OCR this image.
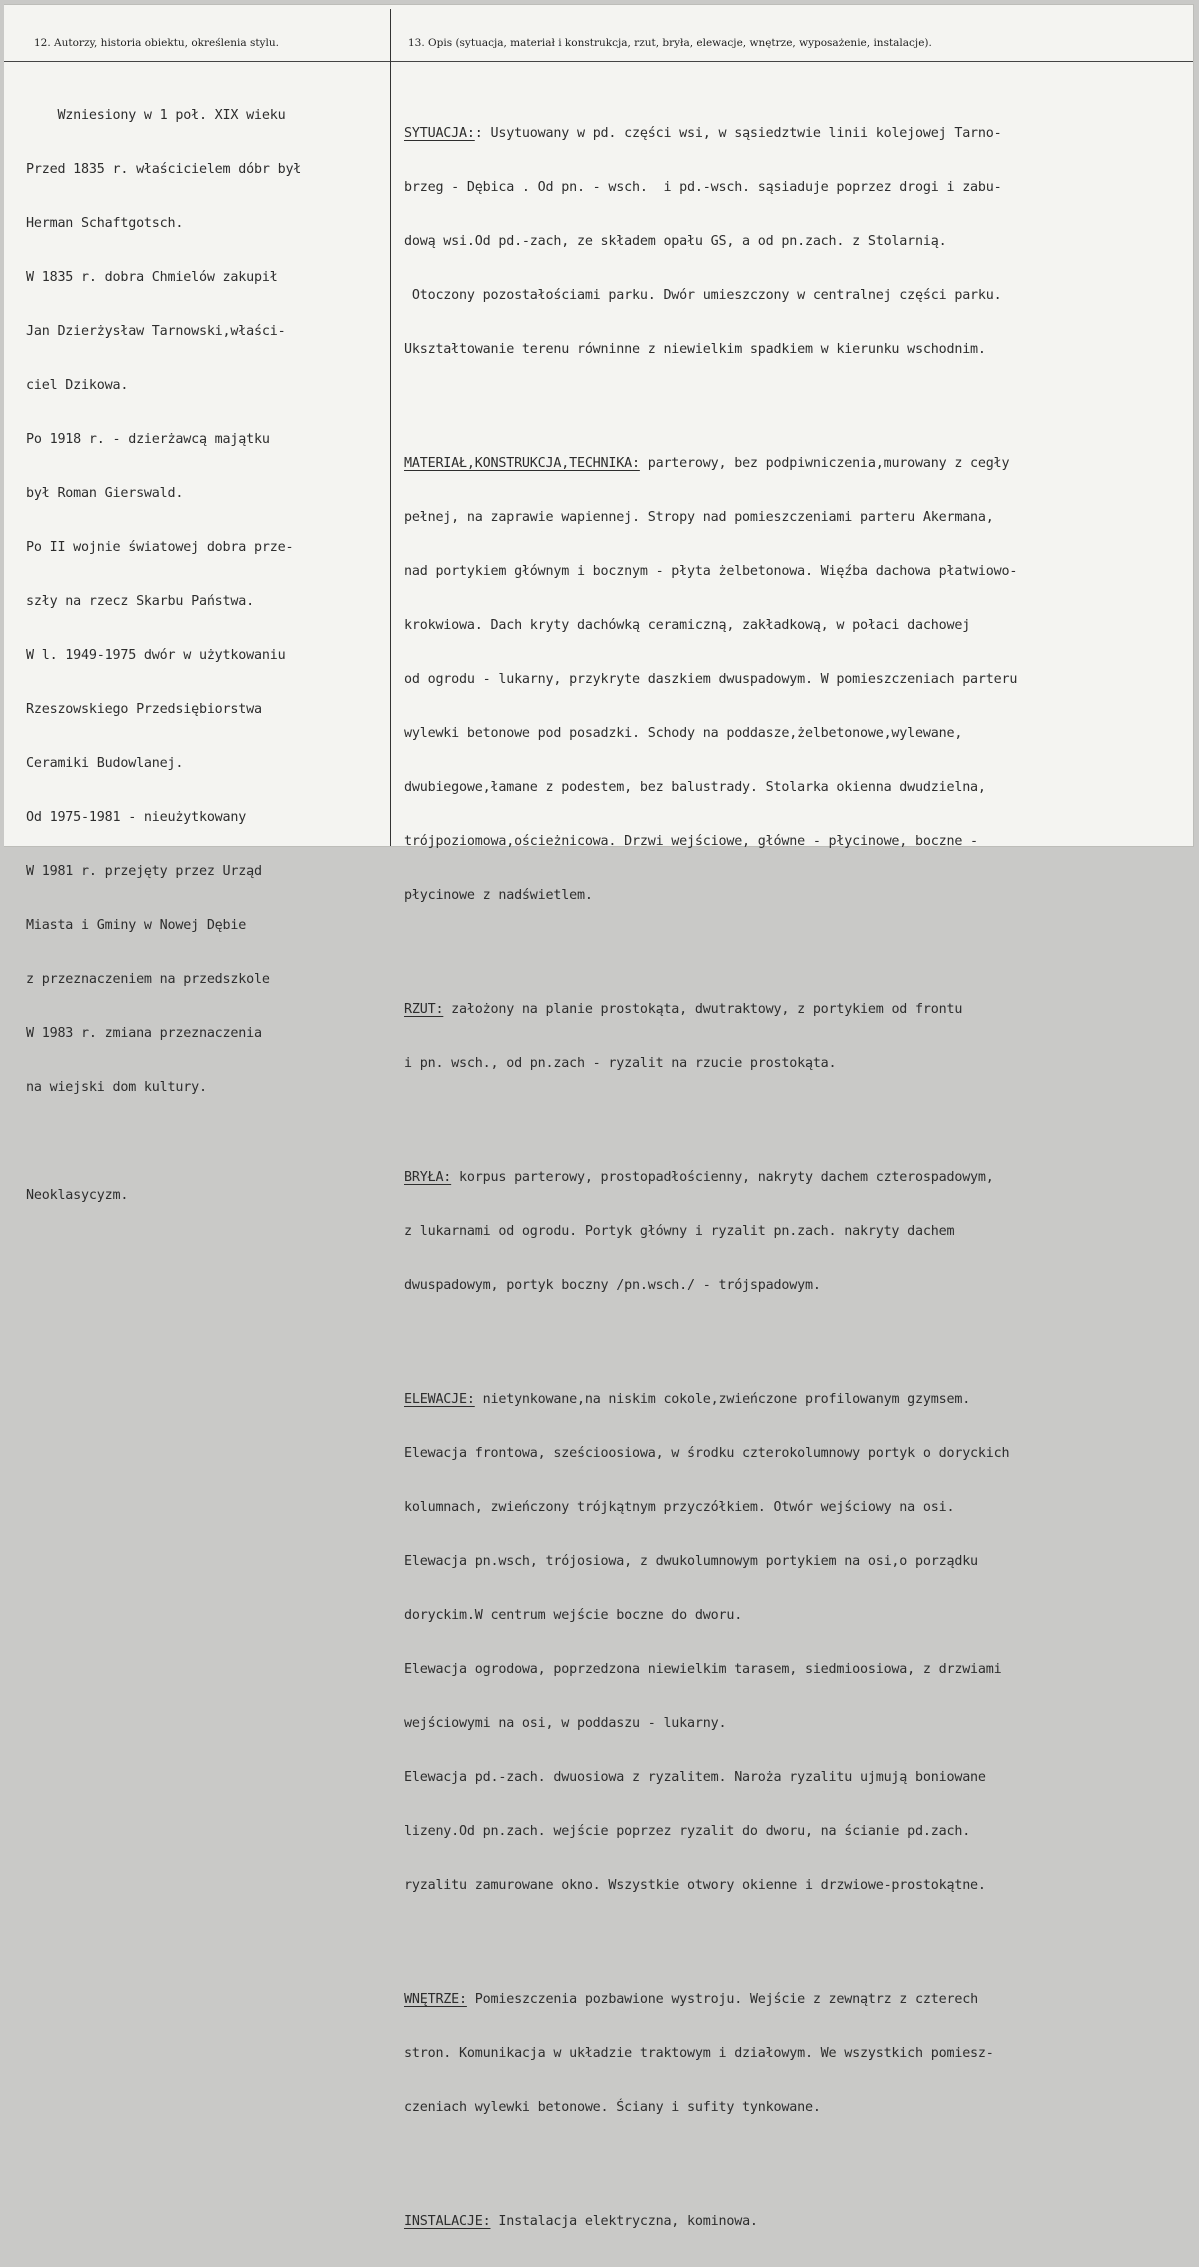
12. Autorzy, historia obiektu, określenia stylu.	13. Opis (sytuacja, materiał i konstrukcja, rzut, bryła, elewacje, wnętrze, wyposażenie, instalacje).

Wzniesiony w 1 poł. XIX wieku

Przed 1835 r. właścicielem dóbr był

Herman Schaftgotsch.

W 1835 r. dobra Chmielów zakupił

Jan Dzierżysław Tarnowski,właści-

ciel Dzikowa.

Po 1918 r. - dzierżawcą majątku

był Roman Gierswald.

Po II wojnie światowej dobra prze-

szły na rzecz Skarbu Państwa.

W l. 1949-1975 dwór w użytkowaniu

Rzeszowskiego Przedsiębiorstwa

Ceramiki Budowlanej.

Od 1975-1981 - nieużytkowany

W 1981 r. przejęty przez Urząd

Miasta i Gminy w Nowej Dębie

z przeznaczeniem na przedszkole

W 1983 r. zmiana przeznaczenia

na wiejski dom kultury.

Neoklasycyzm.

SYTUACJA:: Usytuowany w pd. części wsi, w sąsiedztwie linii kolejowej Tarno-

brzeg - Dębica . Od pn. - wsch.  i pd.-wsch. sąsiaduje poprzez drogi i zabu-

dową wsi.Od pd.-zach, ze składem opału GS, a od pn.zach. z Stolarnią.

Otoczony pozostałościami parku. Dwór umieszczony w centralnej części parku.

Ukształtowanie terenu równinne z niewielkim spadkiem w kierunku wschodnim.

MATERIAŁ,KONSTRUKCJA,TECHNIKA: parterowy, bez podpiwniczenia,murowany z cegły

pełnej, na zaprawie wapiennej. Stropy nad pomieszczeniami parteru Akermana,

nad portykiem głównym i bocznym - płyta żelbetonowa. Więźba dachowa płatwiowo-

krokwiowa. Dach kryty dachówką ceramiczną, zakładkową, w połaci dachowej

od ogrodu - lukarny, przykryte daszkiem dwuspadowym. W pomieszczeniach parteru

wylewki betonowe pod posadzki. Schody na poddasze,żelbetonowe,wylewane,

dwubiegowe,łamane z podestem, bez balustrady. Stolarka okienna dwudzielna,

trójpoziomowa,ościeżnicowa. Drzwi wejściowe, główne - płycinowe, boczne -

płycinowe z nadświetlem.

RZUT: założony na planie prostokąta, dwutraktowy, z portykiem od frontu

i pn. wsch., od pn.zach - ryzalit na rzucie prostokąta.

BRYŁA: korpus parterowy, prostopadłościenny, nakryty dachem czterospadowym,

z lukarnami od ogrodu. Portyk główny i ryzalit pn.zach. nakryty dachem

dwuspadowym, portyk boczny /pn.wsch./ - trójspadowym.

ELEWACJE: nietynkowane,na niskim cokole,zwieńczone profilowanym gzymsem.

Elewacja frontowa, sześcioosiowa, w środku czterokolumnowy portyk o doryckich

kolumnach, zwieńczony trójkątnym przyczółkiem. Otwór wejściowy na osi.

Elewacja pn.wsch, trójosiowa, z dwukolumnowym portykiem na osi,o porządku

doryckim.W centrum wejście boczne do dworu.

Elewacja ogrodowa, poprzedzona niewielkim tarasem, siedmioosiowa, z drzwiami

wejściowymi na osi, w poddaszu - lukarny.

Elewacja pd.-zach. dwuosiowa z ryzalitem. Naroża ryzalitu ujmują boniowane

lizeny.Od pn.zach. wejście poprzez ryzalit do dworu, na ścianie pd.zach.

ryzalitu zamurowane okno. Wszystkie otwory okienne i drzwiowe-prostokątne.

WNĘTRZE: Pomieszczenia pozbawione wystroju. Wejście z zewnątrz z czterech

stron. Komunikacja w układzie traktowym i działowym. We wszystkich pomiesz-

czeniach wylewki betonowe. Ściany i sufity tynkowane.

INSTALACJE: Instalacja elektryczna, kominowa.
